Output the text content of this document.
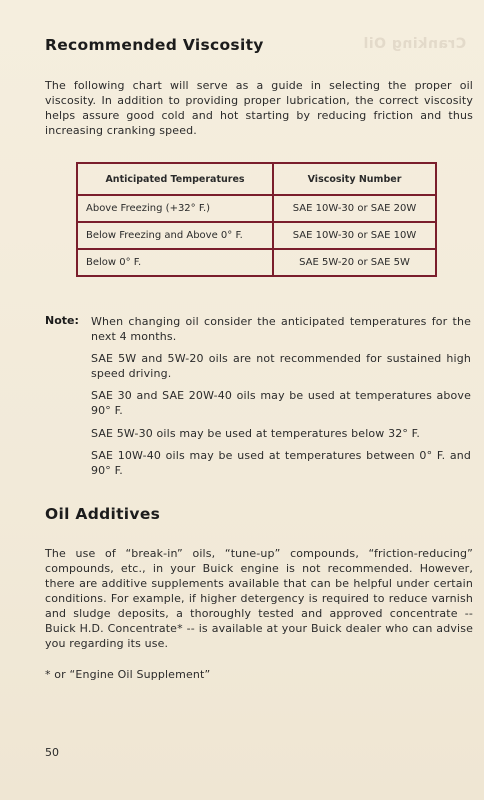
Cranking Oil
Recommended Viscosity

The following chart will serve as a guide in selecting the proper oil viscosity. In addition to providing proper lubrication, the correct viscosity helps assure good cold and hot starting by reducing friction and thus increasing cranking speed.

Anticipated Temperatures	Viscosity Number
Above Freezing (+32° F.)	SAE 10W-30 or SAE 20W
Below Freezing and Above 0° F.	SAE 10W-30 or SAE 10W
Below 0° F.	SAE 5W-20 or SAE 5W
Note: When changing oil consider the anticipated temperatures for the next 4 months.

SAE 5W and 5W-20 oils are not recommended for sustained high speed driving.

SAE 30 and SAE 20W-40 oils may be used at temperatures above 90° F.

SAE 5W-30 oils may be used at temperatures below 32° F.

SAE 10W-40 oils may be used at temperatures between 0° F. and 90° F.

Oil Additives

The use of “break-in” oils, “tune-up” compounds, “friction-reducing” compounds, etc., in your Buick engine is not recommended. However, there are additive supplements available that can be helpful under certain conditions. For example, if higher detergency is required to reduce varnish and sludge deposits, a thoroughly tested and approved concentrate -- Buick H.D. Concentrate* -- is available at your Buick dealer who can advise you regarding its use.

* or “Engine Oil Supplement”

50
